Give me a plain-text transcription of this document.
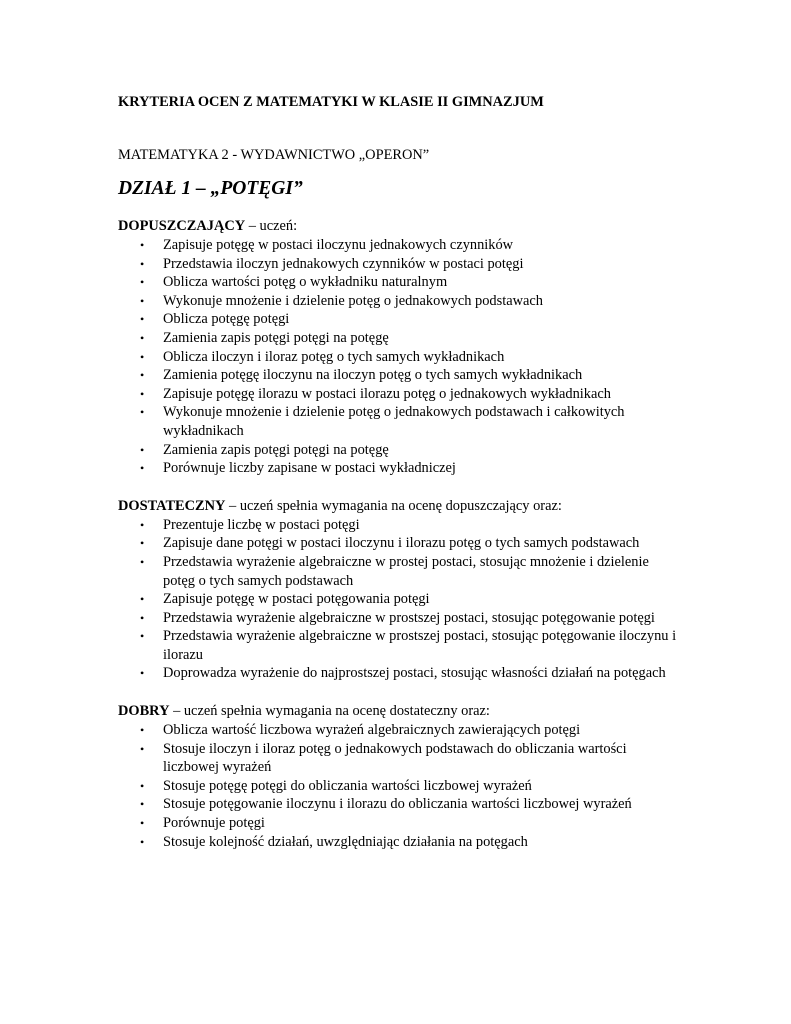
KRYTERIA OCEN Z MATEMATYKI W KLASIE II GIMNAZJUM

MATEMATYKA 2 - WYDAWNICTWO „OPERON”

DZIAŁ 1 – „POTĘGI”

DOPUSZCZAJĄCY – uczeń:

• Zapisuje potęgę w postaci iloczynu jednakowych czynników
• Przedstawia iloczyn jednakowych czynników w postaci potęgi
• Oblicza wartości potęg o wykładniku naturalnym
• Wykonuje mnożenie i dzielenie potęg o jednakowych podstawach
• Oblicza potęgę potęgi
• Zamienia zapis potęgi potęgi na potęgę
• Oblicza iloczyn i iloraz potęg o tych samych wykładnikach
• Zamienia potęgę iloczynu na iloczyn potęg o tych samych wykładnikach
• Zapisuje potęgę ilorazu w postaci ilorazu potęg o jednakowych wykładnikach
• Wykonuje mnożenie i dzielenie potęg o jednakowych podstawach i całkowitych wykładnikach
• Zamienia zapis potęgi potęgi na potęgę
• Porównuje liczby zapisane w postaci wykładniczej

DOSTATECZNY – uczeń spełnia wymagania na ocenę dopuszczający oraz:

• Prezentuje liczbę w postaci potęgi
• Zapisuje dane potęgi w postaci iloczynu i ilorazu potęg o tych samych podstawach
• Przedstawia wyrażenie algebraiczne w prostej postaci, stosując mnożenie i dzielenie potęg o tych samych podstawach
• Zapisuje potęgę w postaci potęgowania potęgi
• Przedstawia wyrażenie algebraiczne w prostszej postaci, stosując potęgowanie potęgi
• Przedstawia wyrażenie algebraiczne w prostszej postaci, stosując potęgowanie iloczynu i ilorazu
• Doprowadza wyrażenie do najprostszej postaci, stosując własności działań na potęgach

DOBRY – uczeń spełnia wymagania na ocenę dostateczny oraz:

• Oblicza wartość liczbowa wyrażeń algebraicznych zawierających potęgi
• Stosuje iloczyn i iloraz potęg o jednakowych podstawach do obliczania wartości liczbowej wyrażeń
• Stosuje potęgę potęgi do obliczania wartości liczbowej wyrażeń
• Stosuje potęgowanie iloczynu i ilorazu do obliczania wartości liczbowej wyrażeń
• Porównuje potęgi
• Stosuje kolejność działań, uwzględniając działania na potęgach
